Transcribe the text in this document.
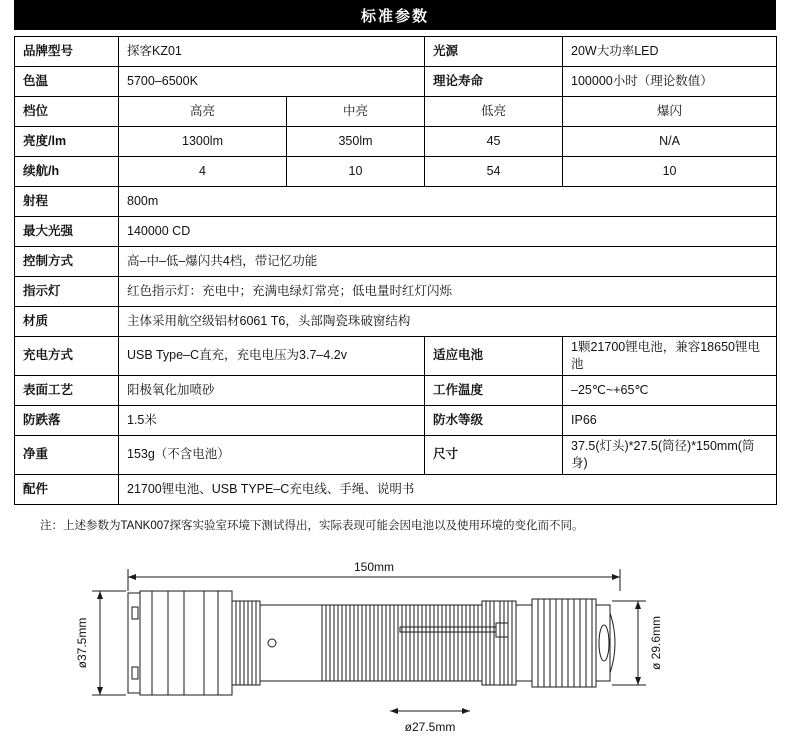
标准参数
品牌型号	探客KZ01		光源	20W大功率LED
色温	5700–6500K		理论寿命	100000小时（理论数值）
档位	高亮	中亮	低亮	爆闪
亮度/lm	1300lm	350lm	45	N/A
续航/h	4	10	54	10
射程	800m			
最大光强	140000 CD			
控制方式	高–中–低–爆闪共4档，带记忆功能			
指示灯	红色指示灯：充电中；充满电绿灯常亮；低电量时红灯闪烁			
材质	主体采用航空级铝材6061 T6，头部陶瓷珠破窗结构			
充电方式	USB Type–C直充，充电电压为3.7–4.2v		适应电池	1颗21700锂电池，兼容18650锂电池
表面工艺	阳极氧化加喷砂		工作温度	–25℃~+65℃
防跌落	1.5米		防水等级	IP66
净重	153g（不含电池）		尺寸	37.5(灯头)*27.5(筒径)*150mm(筒身)
配件	21700锂电池、USB TYPE–C充电线、手绳、说明书			
注：上述参数为TANK007探客实验室环境下测试得出，实际表现可能会因电池以及使用环境的变化而不同。
150mm
ø37.5mm	ø 29.6mm
ø27.5mm
